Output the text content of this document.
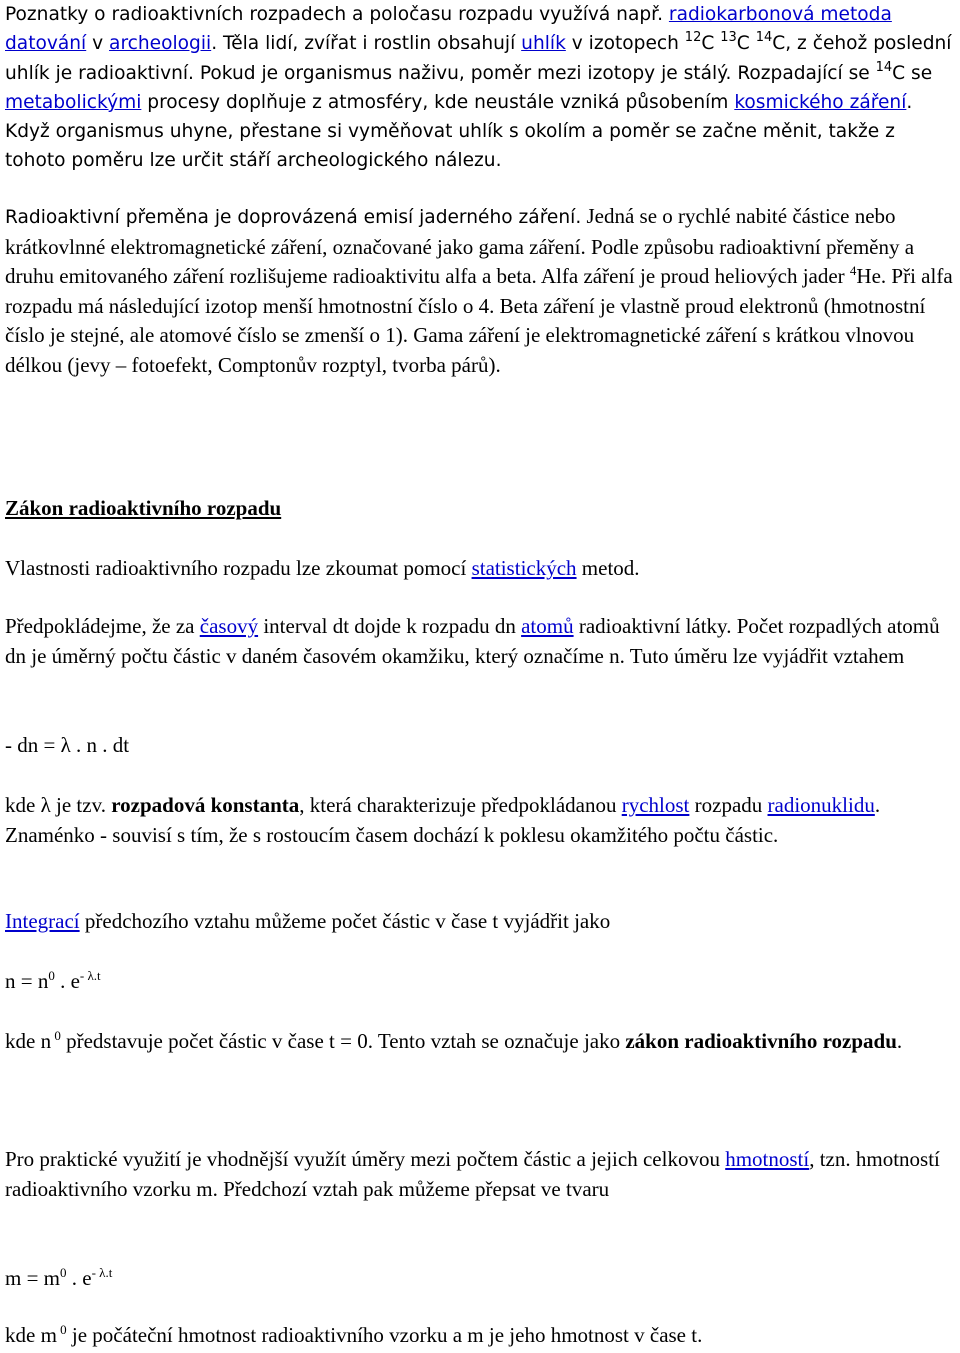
Poznatky o radioaktivních rozpadech a poločasu rozpadu využívá např. radiokarbonová metoda datování v archeologii. Těla lidí, zvířat i rostlin obsahují uhlík v izotopech $^{12}$C $^{13}$C $^{14}$C, z čehož poslední uhlík je radioaktivní. Pokud je organismus naživu, poměr mezi izotopy je stálý. Rozpadající se $^{14}$C se metabolickými procesy doplňuje z atmosféry, kde neustále vzniká působením kosmického záření. Když organismus uhyne, přestane si vyměňovat uhlík s okolím a poměr se začne měnit, takže z tohoto poměru lze určit stáří archeologického nálezu.

Radioaktivní přeměna je doprovázená emisí jaderného záření. Jedná se o rychlé nabité částice nebo krátkovlnné elektromagnetické záření, označované jako gama záření. Podle způsobu radioaktivní přeměny a druhu emitovaného záření rozlišujeme radioaktivitu alfa a beta. Alfa záření je proud heliových jader $^4$He. Při alfa rozpadu má následující izotop menší hmotnostní číslo o 4. Beta záření je vlastně proud elektronů (hmotnostní číslo je stejné, ale atomové číslo se zmenší o 1). Gama záření je elektromagnetické záření s krátkou vlnovou délkou (jevy – fotoefekt, Comptonův rozptyl, tvorba párů).

Zákon radioaktivního rozpadu

Vlastnosti radioaktivního rozpadu lze zkoumat pomocí statistických metod.

Předpokládejme, že za časový interval dt dojde k rozpadu dn atomů radioaktivní látky. Počet rozpadlých atomů dn je úměrný počtu částic v daném časovém okamžiku, který označíme n. Tuto úměru lze vyjádřit vztahem

- dn = λ . n . dt

kde λ je tzv. rozpadová konstanta, která charakterizuje předpokládanou rychlost rozpadu radionuklidu. Znaménko - souvisí s tím, že s rostoucím časem dochází k poklesu okamžitého počtu částic.

Integrací předchozího vztahu můžeme počet částic v čase t vyjádřit jako

$n = n^0$ . $e^{- \lambda.t}$

kde n $^0$ představuje počet částic v čase t = 0. Tento vztah se označuje jako zákon radioaktivního rozpadu.

Pro praktické využití je vhodnější využít úměry mezi počtem částic a jejich celkovou hmotností, tzn. hmotností radioaktivního vzorku m. Předchozí vztah pak můžeme přepsat ve tvaru

$m = m^0$ . $e^{- \lambda.t}$

kde m $^0$ je počáteční hmotnost radioaktivního vzorku a m je jeho hmotnost v čase t.
